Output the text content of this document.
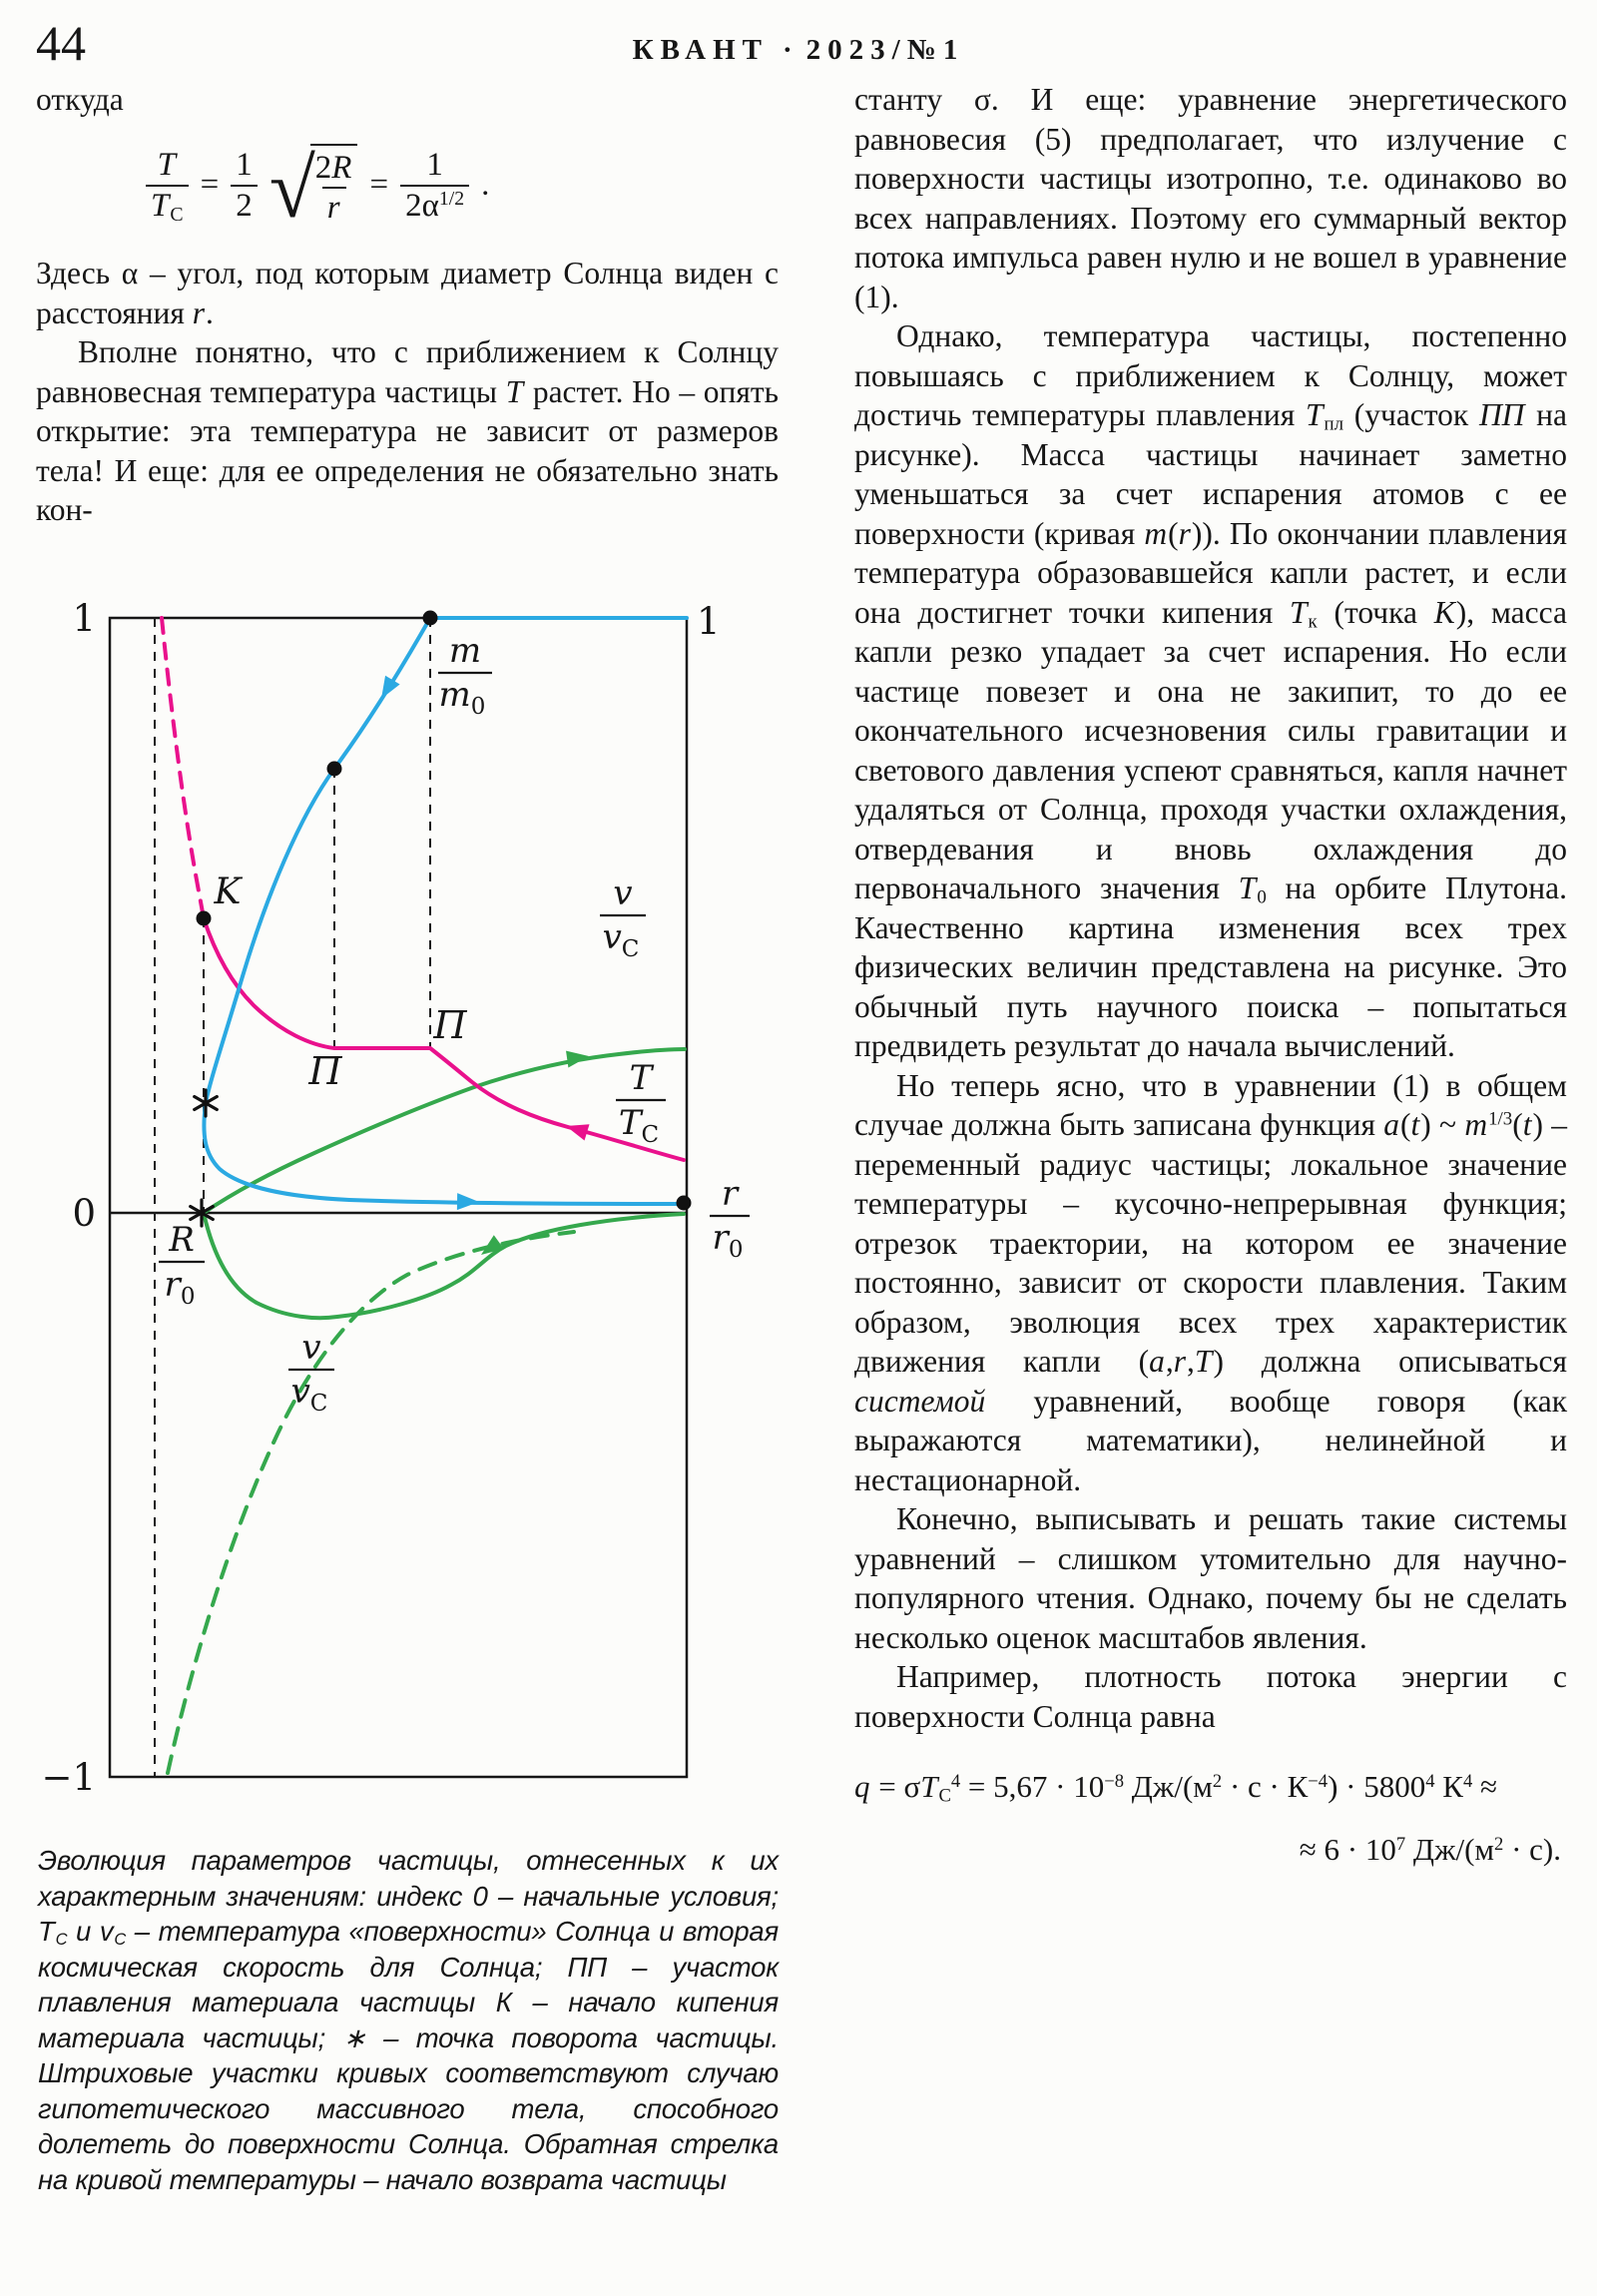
44	КВАНТ · 2023/№1

откуда

$\frac{T}{T_C} = \frac{1}{2}$ √
$\frac{2R}{r} = \frac{1}{2\alpha^{1/2}}$ .

Здесь α – угол, под которым диаметр Солнца виден с расстояния r.

Вполне понятно, что с приближением к Солнцу равновесная температура частицы T растет. Но – опять открытие: эта температура не зависит от размеров тела! И еще: для ее определения не обязательно знать кон-

1
0
−1
1
K
Π
Π
m
$m_0$
v
$v_C$
T
$T_C$
r
$r_0$
R
$r_0$
v
$v_C$
Эволюция параметров частицы, отнесенных к их характерным значениям: индекс 0 – начальные условия; $T_C$ и $v_C$ – температура «поверхности» Солнца и вторая космическая скорость для Солнца; ПП – участок плавления материала частицы К – начало кипения материала частицы; ∗ – точка поворота частицы. Штриховые участки кривых соответствуют случаю гипотетического массивного тела, способного долететь до поверхности Солнца. Обратная стрелка на кривой температуры – начало возврата частицы

станту σ. И еще: уравнение энергетического равновесия (5) предполагает, что излучение с поверхности частицы изотропно, т.е. одинаково во всех направлениях. Поэтому его суммарный вектор потока импульса равен нулю и не вошел в уравнение (1).

Однако, температура частицы, постепенно повышаясь с приближением к Солнцу, может достичь температуры плавления $T_{пл}$ (участок ПП на рисунке). Масса частицы начинает заметно уменьшаться за счет испарения атомов с ее поверхности (кривая m(r)). По окончании плавления температура образовавшейся капли растет, и если она достигнет точки кипения $T_к$ (точка K), масса капли резко упадает за счет испарения. Но если частице повезет и она не закипит, то до ее окончательного исчезновения силы гравитации и светового давления успеют сравняться, капля начнет удаляться от Солнца, проходя участки охлаждения, отвердевания и вновь охлаждения до первоначального значения $T_0$ на орбите Плутона. Качественно картина изменения всех трех физических величин представлена на рисунке. Это обычный путь научного поиска – попытаться предвидеть результат до начала вычислений.

Но теперь ясно, что в уравнении (1) в общем случае должна быть записана функция a(t) ~ $m^{1/3}(t)$ – переменный радиус частицы; локальное значение температуры – кусочно-непрерывная функция; отрезок траектории, на котором ее значение постоянно, зависит от скорости плавления. Таким образом, эволюция всех трех характеристик движения капли (a,r,T) должна описываться системой уравнений, вообще говоря (как выражаются математики), нелинейной и нестационарной.

Конечно, выписывать и решать такие системы уравнений – слишком утомительно для научно-популярного чтения. Однако, почему бы не сделать несколько оценок масштабов явления.

Например, плотность потока энергии с поверхности Солнца равна

$q = \sigma T_C^4 = 5,67 \cdot 10^{-8}$ $Дж/(м^2 \cdot с \cdot К^{-4}) \cdot 5800^4$ $К^4$ ≈
≈ $6 \cdot 10^7$ $Дж/(м^2 \cdot с)$.
